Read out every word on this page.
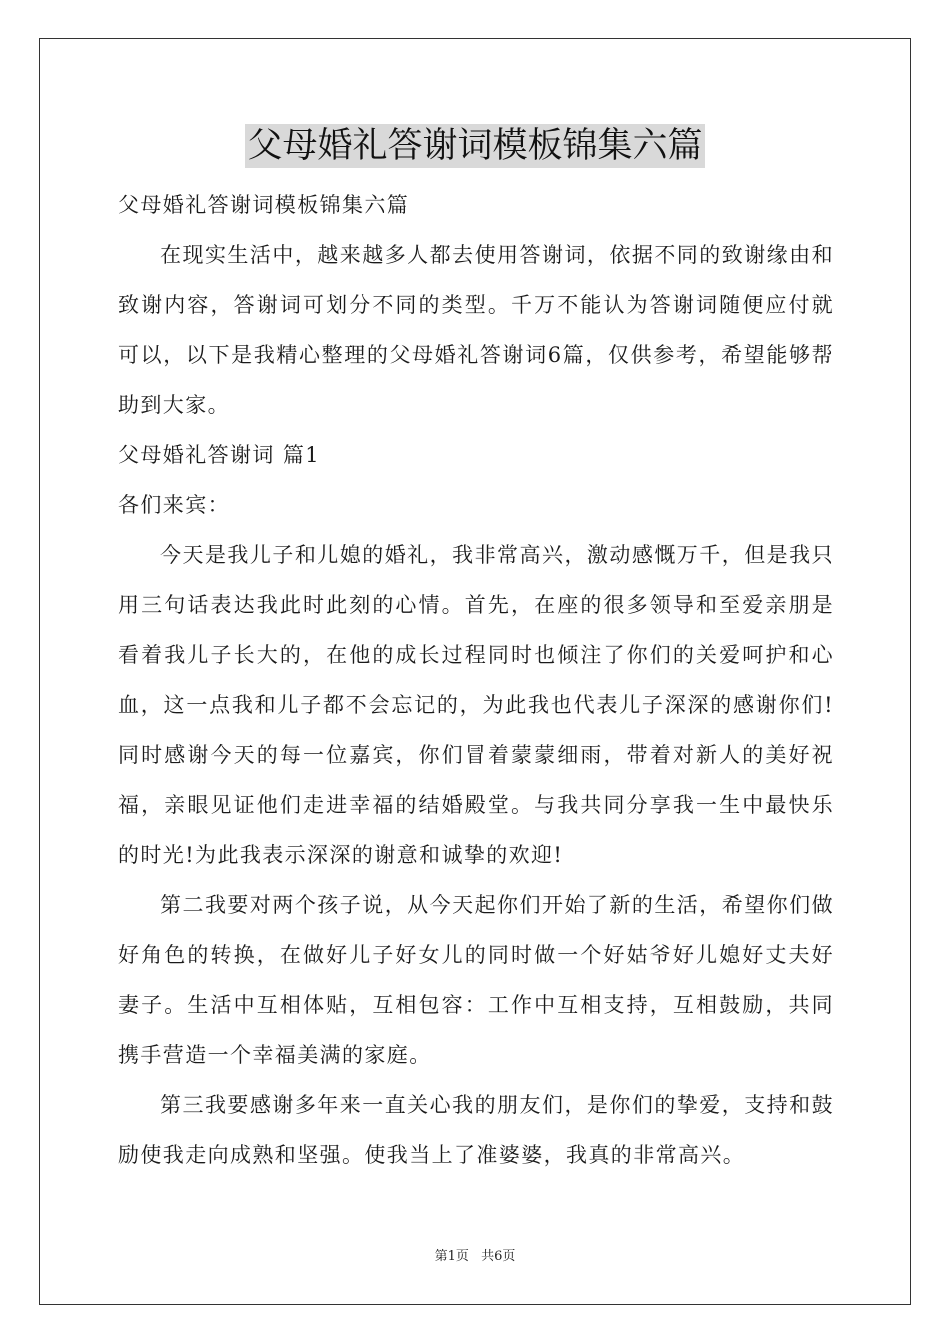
父母婚礼答谢词模板锦集六篇

父母婚礼答谢词模板锦集六篇

在现实生活中，越来越多人都去使用答谢词，依据不同的致谢缘由和致谢内容，答谢词可划分不同的类型。千万不能认为答谢词随便应付就可以，以下是我精心整理的父母婚礼答谢词6篇，仅供参考，希望能够帮助到大家。

父母婚礼答谢词 篇1

各们来宾：

今天是我儿子和儿媳的婚礼，我非常高兴，激动感慨万千，但是我只用三句话表达我此时此刻的心情。首先，在座的很多领导和至爱亲朋是看着我儿子长大的，在他的成长过程同时也倾注了你们的关爱呵护和心血，这一点我和儿子都不会忘记的，为此我也代表儿子深深的感谢你们!同时感谢今天的每一位嘉宾，你们冒着蒙蒙细雨，带着对新人的美好祝福，亲眼见证他们走进幸福的结婚殿堂。与我共同分享我一生中最快乐的时光!为此我表示深深的谢意和诚挚的欢迎!

第二我要对两个孩子说，从今天起你们开始了新的生活，希望你们做好角色的转换，在做好儿子好女儿的同时做一个好姑爷好儿媳好丈夫好妻子。生活中互相体贴，互相包容：工作中互相支持，互相鼓励，共同携手营造一个幸福美满的家庭。

第三我要感谢多年来一直关心我的朋友们，是你们的挚爱，支持和鼓励使我走向成熟和坚强。使我当上了准婆婆，我真的非常高兴。

第1页 共6页
